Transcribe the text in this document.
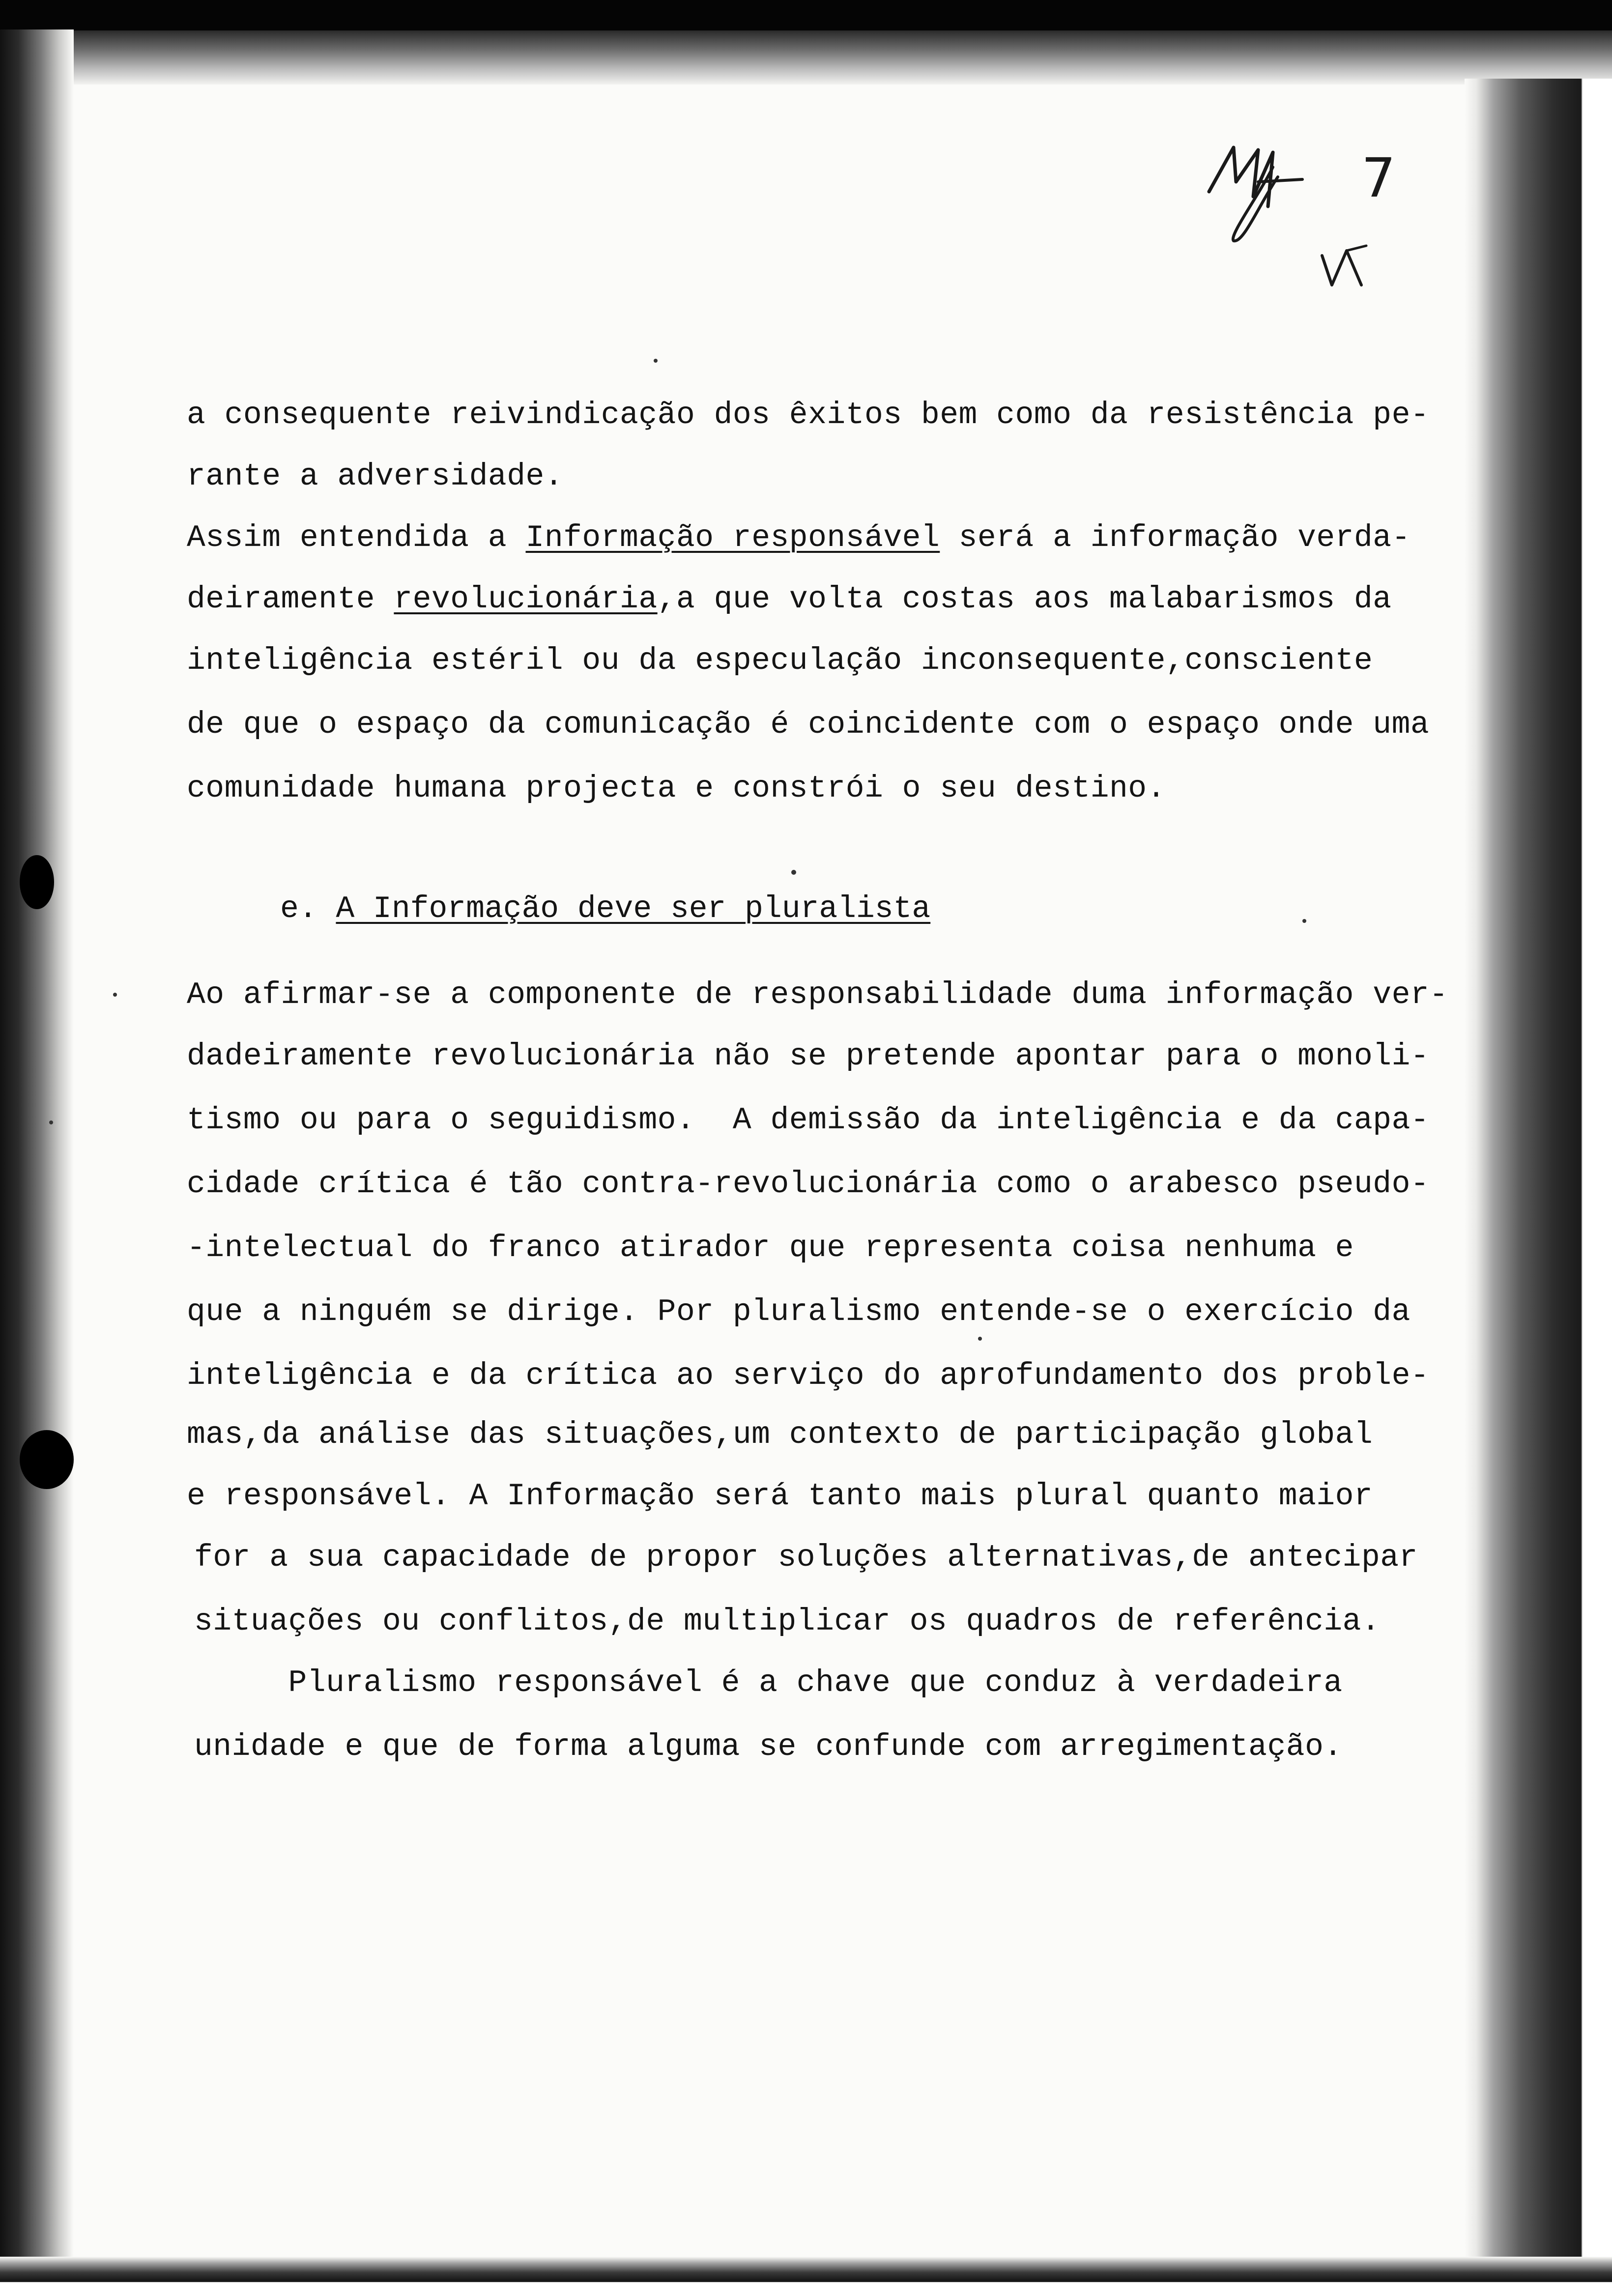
7
a consequente reivindicação dos êxitos bem como da resistência pe-
rante a adversidade.
Assim entendida a Informação responsável será a informação verda-
deiramente revolucionária,a que volta costas aos malabarismos da
inteligência estéril ou da especulação inconsequente,consciente
de que o espaço da comunicação é coincidente com o espaço onde uma
comunidade humana projecta e constrói o seu destino.
e. A Informação deve ser pluralista
Ao afirmar-se a componente de responsabilidade duma informação ver-
dadeiramente revolucionária não se pretende apontar para o monoli-
tismo ou para o seguidismo.  A demissão da inteligência e da capa-
cidade crítica é tão contra-revolucionária como o arabesco pseudo-
-intelectual do franco atirador que representa coisa nenhuma e
que a ninguém se dirige. Por pluralismo entende-se o exercício da
inteligência e da crítica ao serviço do aprofundamento dos proble-
mas,da análise das situações,um contexto de participação global
e responsável. A Informação será tanto mais plural quanto maior
for a sua capacidade de propor soluções alternativas,de antecipar
situações ou conflitos,de multiplicar os quadros de referência.
Pluralismo responsável é a chave que conduz à verdadeira
unidade e que de forma alguma se confunde com arregimentação.
